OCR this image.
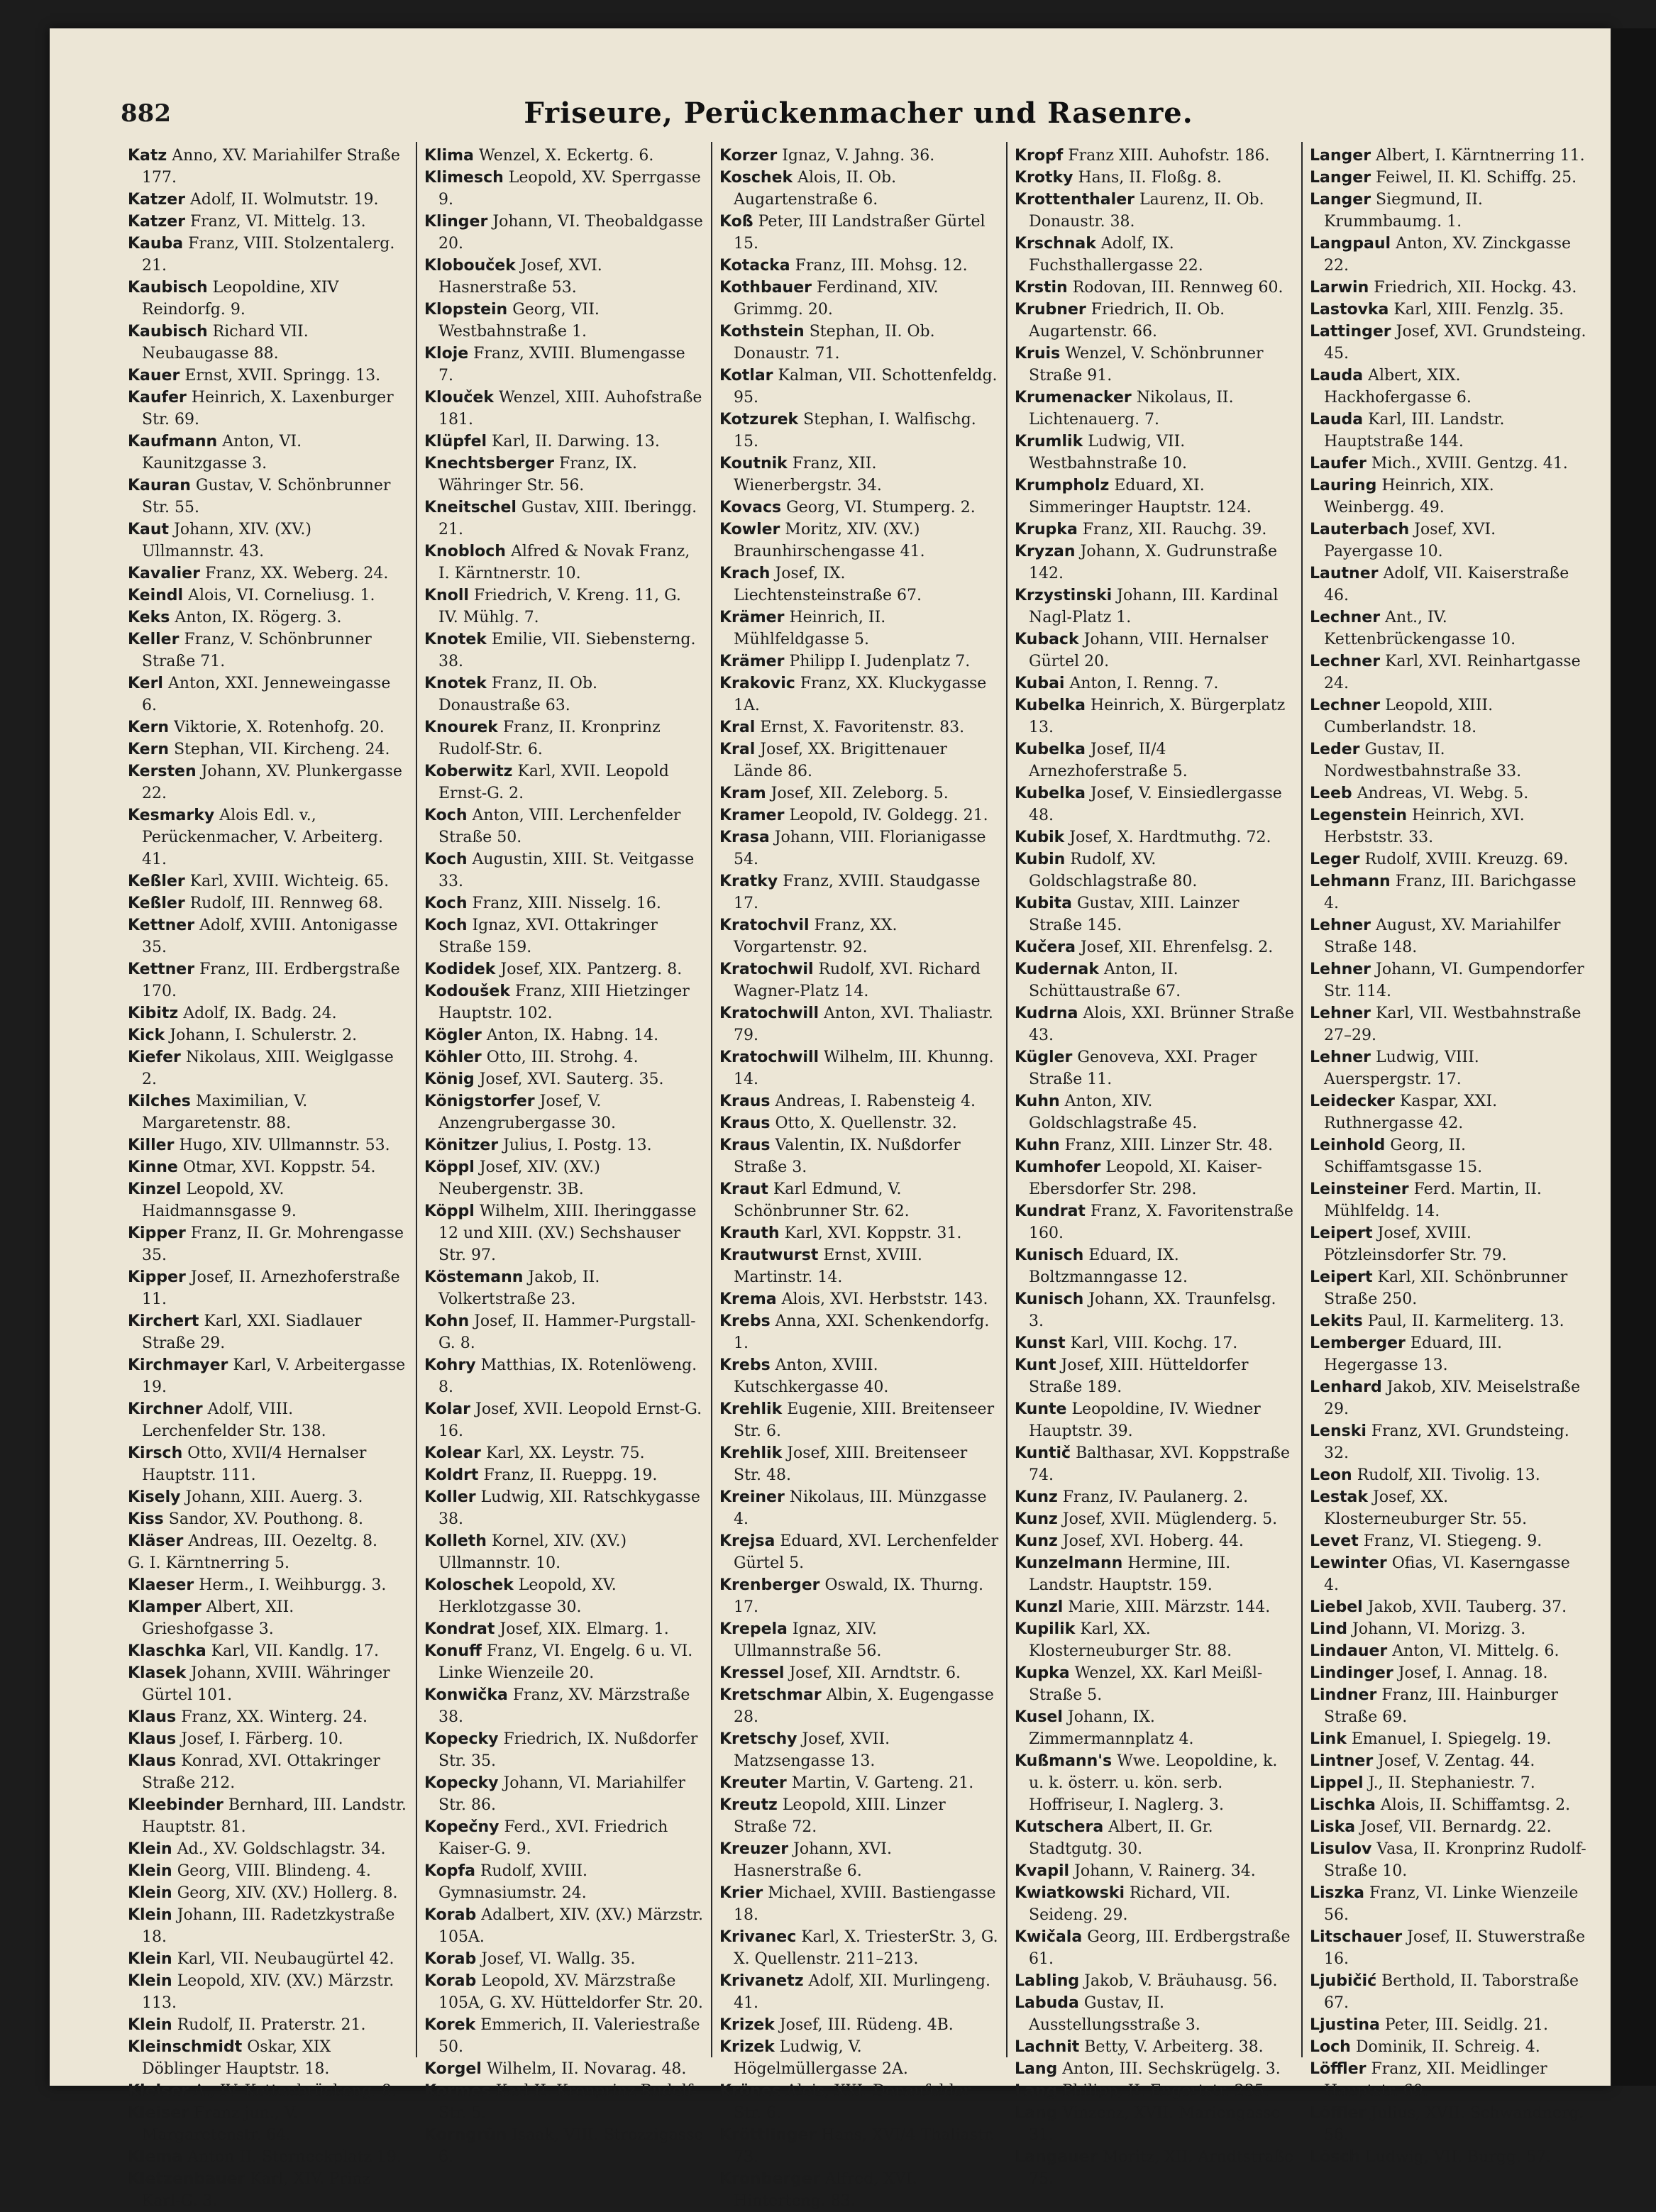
882	Friseure, Perückenmacher und Rasenre.
Katz Anno, XV. Mariahilfer Straße 177.
Katzer Adolf, II. Wolmutstr. 19.
Katzer Franz, VI. Mittelg. 13.
Kauba Franz, VIII. Stolzentalerg. 21.
Kaubisch Leopoldine, XIV Reindorfg. 9.
Kaubisch Richard VII. Neubaugasse 88.
Kauer Ernst, XVII. Springg. 13.
Kaufer Heinrich, X. Laxenburger Str. 69.
Kaufmann Anton, VI. Kaunitzgasse 3.
Kauran Gustav, V. Schönbrunner Str. 55.
Kaut Johann, XIV. (XV.) Ullmannstr. 43.
Kavalier Franz, XX. Weberg. 24.
Keindl Alois, VI. Corneliusg. 1.
Keks Anton, IX. Rögerg. 3.
Keller Franz, V. Schönbrunner Straße 71.
Kerl Anton, XXI. Jenneweingasse 6.
Kern Viktorie, X. Rotenhofg. 20.
Kern Stephan, VII. Kircheng. 24.
Kersten Johann, XV. Plunkergasse 22.
Kesmarky Alois Edl. v., Perückenmacher, V. Arbeiterg. 41.
Keßler Karl, XVIII. Wichteig. 65.
Keßler Rudolf, III. Rennweg 68.
Kettner Adolf, XVIII. Antonigasse 35.
Kettner Franz, III. Erdbergstraße 170.
Kibitz Adolf, IX. Badg. 24.
Kick Johann, I. Schulerstr. 2.
Kiefer Nikolaus, XIII. Weiglgasse 2.
Kilches Maximilian, V. Margaretenstr. 88.
Killer Hugo, XIV. Ullmannstr. 53.
Kinne Otmar, XVI. Koppstr. 54.
Kinzel Leopold, XV. Haidmannsgasse 9.
Kipper Franz, II. Gr. Mohrengasse 35.
Kipper Josef, II. Arnezhoferstraße 11.
Kirchert Karl, XXI. Siadlauer Straße 29.
Kirchmayer Karl, V. Arbeitergasse 19.
Kirchner Adolf, VIII. Lerchenfelder Str. 138.
Kirsch Otto, XVII/4 Hernalser Hauptstr. 111.
Kisely Johann, XIII. Auerg. 3.
Kiss Sandor, XV. Pouthong. 8.
Kläser Andreas, III. Oezeltg. 8.
G. I. Kärntnerring 5.
Klaeser Herm., I. Weihburgg. 3.
Klamper Albert, XII. Grieshofgasse 3.
Klaschka Karl, VII. Kandlg. 17.
Klasek Johann, XVIII. Währinger Gürtel 101.
Klaus Franz, XX. Winterg. 24.
Klaus Josef, I. Färberg. 10.
Klaus Konrad, XVI. Ottakringer Straße 212.
Kleebinder Bernhard, III. Landstr. Hauptstr. 81.
Klein Ad., XV. Goldschlagstr. 34.
Klein Georg, VIII. Blindeng. 4.
Klein Georg, XIV. (XV.) Hollerg. 8.
Klein Johann, III. Radetzkystraße 18.
Klein Karl, VII. Neubaugürtel 42.
Klein Leopold, XIV. (XV.) Märzstr. 113.
Klein Rudolf, II. Praterstr. 21.
Kleinschmidt Oskar, XIX Döblinger Hauptstr. 18.
Kleiser A., IV. Kettenbrückeng. 8.
Kleiser Franz jun., V. Margaretenstr. 64.
Klema Anton II. Sterneckplatz 19.
Kletzenbauer Karl, XIV. Prinz Karl-G. 3.
Klima Wenzel, X. Eckertg. 6.
Klimesch Leopold, XV. Sperrgasse 9.
Klinger Johann, VI. Theobaldgasse 20.
Klobouček Josef, XVI. Hasnerstraße 53.
Klopstein Georg, VII. Westbahnstraße 1.
Kloje Franz, XVIII. Blumengasse 7.
Klouček Wenzel, XIII. Auhofstraße 181.
Klüpfel Karl, II. Darwing. 13.
Knechtsberger Franz, IX. Währinger Str. 56.
Kneitschel Gustav, XIII. Iberingg. 21.
Knobloch Alfred & Novak Franz, I. Kärntnerstr. 10.
Knoll Friedrich, V. Kreng. 11, G. IV. Mühlg. 7.
Knotek Emilie, VII. Siebensterng. 38.
Knotek Franz, II. Ob. Donaustraße 63.
Knourek Franz, II. Kronprinz Rudolf-Str. 6.
Koberwitz Karl, XVII. Leopold Ernst-G. 2.
Koch Anton, VIII. Lerchenfelder Straße 50.
Koch Augustin, XIII. St. Veitgasse 33.
Koch Franz, XIII. Nisselg. 16.
Koch Ignaz, XVI. Ottakringer Straße 159.
Kodidek Josef, XIX. Pantzerg. 8.
Kodoušek Franz, XIII Hietzinger Hauptstr. 102.
Kögler Anton, IX. Habng. 14.
Köhler Otto, III. Strohg. 4.
König Josef, XVI. Sauterg. 35.
Königstorfer Josef, V. Anzengrubergasse 30.
Könitzer Julius, I. Postg. 13.
Köppl Josef, XIV. (XV.) Neubergenstr. 3B.
Köppl Wilhelm, XIII. Iheringgasse 12 und XIII. (XV.) Sechshauser Str. 97.
Köstemann Jakob, II. Volkertstraße 23.
Kohn Josef, II. Hammer-Purgstall-G. 8.
Kohry Matthias, IX. Rotenlöweng. 8.
Kolar Josef, XVII. Leopold Ernst-G. 16.
Kolear Karl, XX. Leystr. 75.
Koldrt Franz, II. Rueppg. 19.
Koller Ludwig, XII. Ratschkygasse 38.
Kolleth Kornel, XIV. (XV.) Ullmannstr. 10.
Koloschek Leopold, XV. Herklotzgasse 30.
Kondrat Josef, XIX. Elmarg. 1.
Konuff Franz, VI. Engelg. 6 u. VI. Linke Wienzeile 20.
Konwička Franz, XV. Märzstraße 38.
Kopecky Friedrich, IX. Nußdorfer Str. 35.
Kopecky Johann, VI. Mariahilfer Str. 86.
Kopečny Ferd., XVI. Friedrich Kaiser-G. 9.
Kopfa Rudolf, XVIII. Gymnasiumstr. 24.
Korab Adalbert, XIV. (XV.) Märzstr. 105A.
Korab Josef, VI. Wallg. 35.
Korab Leopold, XV. Märzstraße 105A, G. XV. Hütteldorfer Str. 20.
Korek Emmerich, II. Valeriestraße 50.
Korgel Wilhelm, II. Novarag. 48.
Kormes Karl II. Kronprinz Rudolf-Str. 5.
Korngrün Isaak, VIII. Strozzigasse 6.
Korzer Ignaz, V. Jahng. 36.
Koschek Alois, II. Ob. Augartenstraße 6.
Koß Peter, III Landstraßer Gürtel 15.
Kotacka Franz, III. Mohsg. 12.
Kothbauer Ferdinand, XIV. Grimmg. 20.
Kothstein Stephan, II. Ob. Donaustr. 71.
Kotlar Kalman, VII. Schottenfeldg. 95.
Kotzurek Stephan, I. Walfischg. 15.
Koutnik Franz, XII. Wienerbergstr. 34.
Kovacs Georg, VI. Stumperg. 2.
Kowler Moritz, XIV. (XV.) Braunhirschengasse 41.
Krach Josef, IX. Liechtensteinstraße 67.
Krämer Heinrich, II. Mühlfeldgasse 5.
Krämer Philipp I. Judenplatz 7.
Krakovic Franz, XX. Kluckygasse 1A.
Kral Ernst, X. Favoritenstr. 83.
Kral Josef, XX. Brigittenauer Lände 86.
Kram Josef, XII. Zeleborg. 5.
Kramer Leopold, IV. Goldegg. 21.
Krasa Johann, VIII. Florianigasse 54.
Kratky Franz, XVIII. Staudgasse 17.
Kratochvil Franz, XX. Vorgartenstr. 92.
Kratochwil Rudolf, XVI. Richard Wagner-Platz 14.
Kratochwill Anton, XVI. Thaliastr. 79.
Kratochwill Wilhelm, III. Khunng. 14.
Kraus Andreas, I. Rabensteig 4.
Kraus Otto, X. Quellenstr. 32.
Kraus Valentin, IX. Nußdorfer Straße 3.
Kraut Karl Edmund, V. Schönbrunner Str. 62.
Krauth Karl, XVI. Koppstr. 31.
Krautwurst Ernst, XVIII. Martinstr. 14.
Krema Alois, XVI. Herbststr. 143.
Krebs Anna, XXI. Schenkendorfg. 1.
Krebs Anton, XVIII. Kutschkergasse 40.
Krehlik Eugenie, XIII. Breitenseer Str. 6.
Krehlik Josef, XIII. Breitenseer Str. 48.
Kreiner Nikolaus, III. Münzgasse 4.
Krejsa Eduard, XVI. Lerchenfelder Gürtel 5.
Krenberger Oswald, IX. Thurng. 17.
Krepela Ignaz, XIV. Ullmannstraße 56.
Kressel Josef, XII. Arndtstr. 6.
Kretschmar Albin, X. Eugengasse 28.
Kretschy Josef, XVII. Matzsengasse 13.
Kreuter Martin, V. Garteng. 21.
Kreutz Leopold, XIII. Linzer Straße 72.
Kreuzer Johann, XVI. Hasnerstraße 6.
Krier Michael, XVIII. Bastiengasse 18.
Krivanec Karl, X. TriesterStr. 3, G. X. Quellenstr. 211–213.
Krivanetz Adolf, XII. Murlingeng. 41.
Krizek Josef, III. Rüdeng. 4B.
Krizek Ludwig, V. Högelmüllergasse 2A.
Krönes Alois, XXI. Donaufelder Str. 6.
Kröttlinger Hans, XVI/4 Thaliastr. 73.
Kronberger Alfred, XVI. Hinterteng. 83.
Kropf Franz XIII. Auhofstr. 186.
Krotky Hans, II. Floßg. 8.
Krottenthaler Laurenz, II. Ob. Donaustr. 38.
Krschnak Adolf, IX. Fuchsthallergasse 22.
Krstin Rodovan, III. Rennweg 60.
Krubner Friedrich, II. Ob. Augartenstr. 66.
Kruis Wenzel, V. Schönbrunner Straße 91.
Krumenacker Nikolaus, II. Lichtenauerg. 7.
Krumlik Ludwig, VII. Westbahnstraße 10.
Krumpholz Eduard, XI. Simmeringer Hauptstr. 124.
Krupka Franz, XII. Rauchg. 39.
Kryzan Johann, X. Gudrunstraße 142.
Krzystinski Johann, III. Kardinal Nagl-Platz 1.
Kuback Johann, VIII. Hernalser Gürtel 20.
Kubai Anton, I. Renng. 7.
Kubelka Heinrich, X. Bürgerplatz 13.
Kubelka Josef, II/4 Arnezhoferstraße 5.
Kubelka Josef, V. Einsiedlergasse 48.
Kubik Josef, X. Hardtmuthg. 72.
Kubin Rudolf, XV. Goldschlagstraße 80.
Kubita Gustav, XIII. Lainzer Straße 145.
Kučera Josef, XII. Ehrenfelsg. 2.
Kudernak Anton, II. Schüttaustraße 67.
Kudrna Alois, XXI. Brünner Straße 43.
Kügler Genoveva, XXI. Prager Straße 11.
Kuhn Anton, XIV. Goldschlagstraße 45.
Kuhn Franz, XIII. Linzer Str. 48.
Kumhofer Leopold, XI. Kaiser-Ebersdorfer Str. 298.
Kundrat Franz, X. Favoritenstraße 160.
Kunisch Eduard, IX. Boltzmanngasse 12.
Kunisch Johann, XX. Traunfelsg. 3.
Kunst Karl, VIII. Kochg. 17.
Kunt Josef, XIII. Hütteldorfer Straße 189.
Kunte Leopoldine, IV. Wiedner Hauptstr. 39.
Kuntič Balthasar, XVI. Koppstraße 74.
Kunz Franz, IV. Paulanerg. 2.
Kunz Josef, XVII. Müglenderg. 5.
Kunz Josef, XVI. Hoberg. 44.
Kunzelmann Hermine, III. Landstr. Hauptstr. 159.
Kunzl Marie, XIII. Märzstr. 144.
Kupilik Karl, XX. Klosterneuburger Str. 88.
Kupka Wenzel, XX. Karl Meißl-Straße 5.
Kusel Johann, IX. Zimmermannplatz 4.
Kußmann's Wwe. Leopoldine, k. u. k. österr. u. kön. serb. Hoffriseur, I. Naglerg. 3.
Kutschera Albert, II. Gr. Stadtgutg. 30.
Kvapil Johann, V. Rainerg. 34.
Kwiatkowski Richard, VII. Seideng. 29.
Kwičala Georg, III. Erdbergstraße 61.
Labling Jakob, V. Bräuhausg. 56.
Labuda Gustav, II. Ausstellungsstraße 3.
Lachnit Betty, V. Arbeiterg. 38.
Lang Anton, III. Sechskrügelg. 3.
Lang Philipp, II. Engertstr. 235.
Lang Vinzenz, XVII. Mariengasse 31.
Langauer Moritz, XII. Arndtstraße 75.
Langer Albert, I. Kärntnerring 11.
Langer Feiwel, II. Kl. Schiffg. 25.
Langer Siegmund, II. Krummbaumg. 1.
Langpaul Anton, XV. Zinckgasse 22.
Larwin Friedrich, XII. Hockg. 43.
Lastovka Karl, XIII. Fenzlg. 35.
Lattinger Josef, XVI. Grundsteing. 45.
Lauda Albert, XIX. Hackhofergasse 6.
Lauda Karl, III. Landstr. Hauptstraße 144.
Laufer Mich., XVIII. Gentzg. 41.
Lauring Heinrich, XIX. Weinbergg. 49.
Lauterbach Josef, XVI. Payergasse 10.
Lautner Adolf, VII. Kaiserstraße 46.
Lechner Ant., IV. Kettenbrückengasse 10.
Lechner Karl, XVI. Reinhartgasse 24.
Lechner Leopold, XIII. Cumberlandstr. 18.
Leder Gustav, II. Nordwestbahnstraße 33.
Leeb Andreas, VI. Webg. 5.
Legenstein Heinrich, XVI. Herbststr. 33.
Leger Rudolf, XVIII. Kreuzg. 69.
Lehmann Franz, III. Barichgasse 4.
Lehner August, XV. Mariahilfer Straße 148.
Lehner Johann, VI. Gumpendorfer Str. 114.
Lehner Karl, VII. Westbahnstraße 27–29.
Lehner Ludwig, VIII. Auerspergstr. 17.
Leidecker Kaspar, XXI. Ruthnergasse 42.
Leinhold Georg, II. Schiffamtsgasse 15.
Leinsteiner Ferd. Martin, II. Mühlfeldg. 14.
Leipert Josef, XVIII. Pötzleinsdorfer Str. 79.
Leipert Karl, XII. Schönbrunner Straße 250.
Lekits Paul, II. Karmeliterg. 13.
Lemberger Eduard, III. Hegergasse 13.
Lenhard Jakob, XIV. Meiselstraße 29.
Lenski Franz, XVI. Grundsteing. 32.
Leon Rudolf, XII. Tivolig. 13.
Lestak Josef, XX. Klosterneuburger Str. 55.
Levet Franz, VI. Stiegeng. 9.
Lewinter Ofias, VI. Kaserngasse 4.
Liebel Jakob, XVII. Tauberg. 37.
Lind Johann, VI. Morizg. 3.
Lindauer Anton, VI. Mittelg. 6.
Lindinger Josef, I. Annag. 18.
Lindner Franz, III. Hainburger Straße 69.
Link Emanuel, I. Spiegelg. 19.
Lintner Josef, V. Zentag. 44.
Lippel J., II. Stephaniestr. 7.
Lischka Alois, II. Schiffamtsg. 2.
Liska Josef, VII. Bernardg. 22.
Lisulov Vasa, II. Kronprinz Rudolf-Straße 10.
Liszka Franz, VI. Linke Wienzeile 56.
Litschauer Josef, II. Stuwerstraße 16.
Ljubičić Berthold, II. Taborstraße 67.
Ljustina Peter, III. Seidlg. 21.
Loch Dominik, II. Schreig. 4.
Löffler Franz, XII. Meidlinger Hauptstr. 60.
Löffler Julius, XVII. Schwandnerg. 56.
Lösch Ludwig, VII. Burgg. 57.
